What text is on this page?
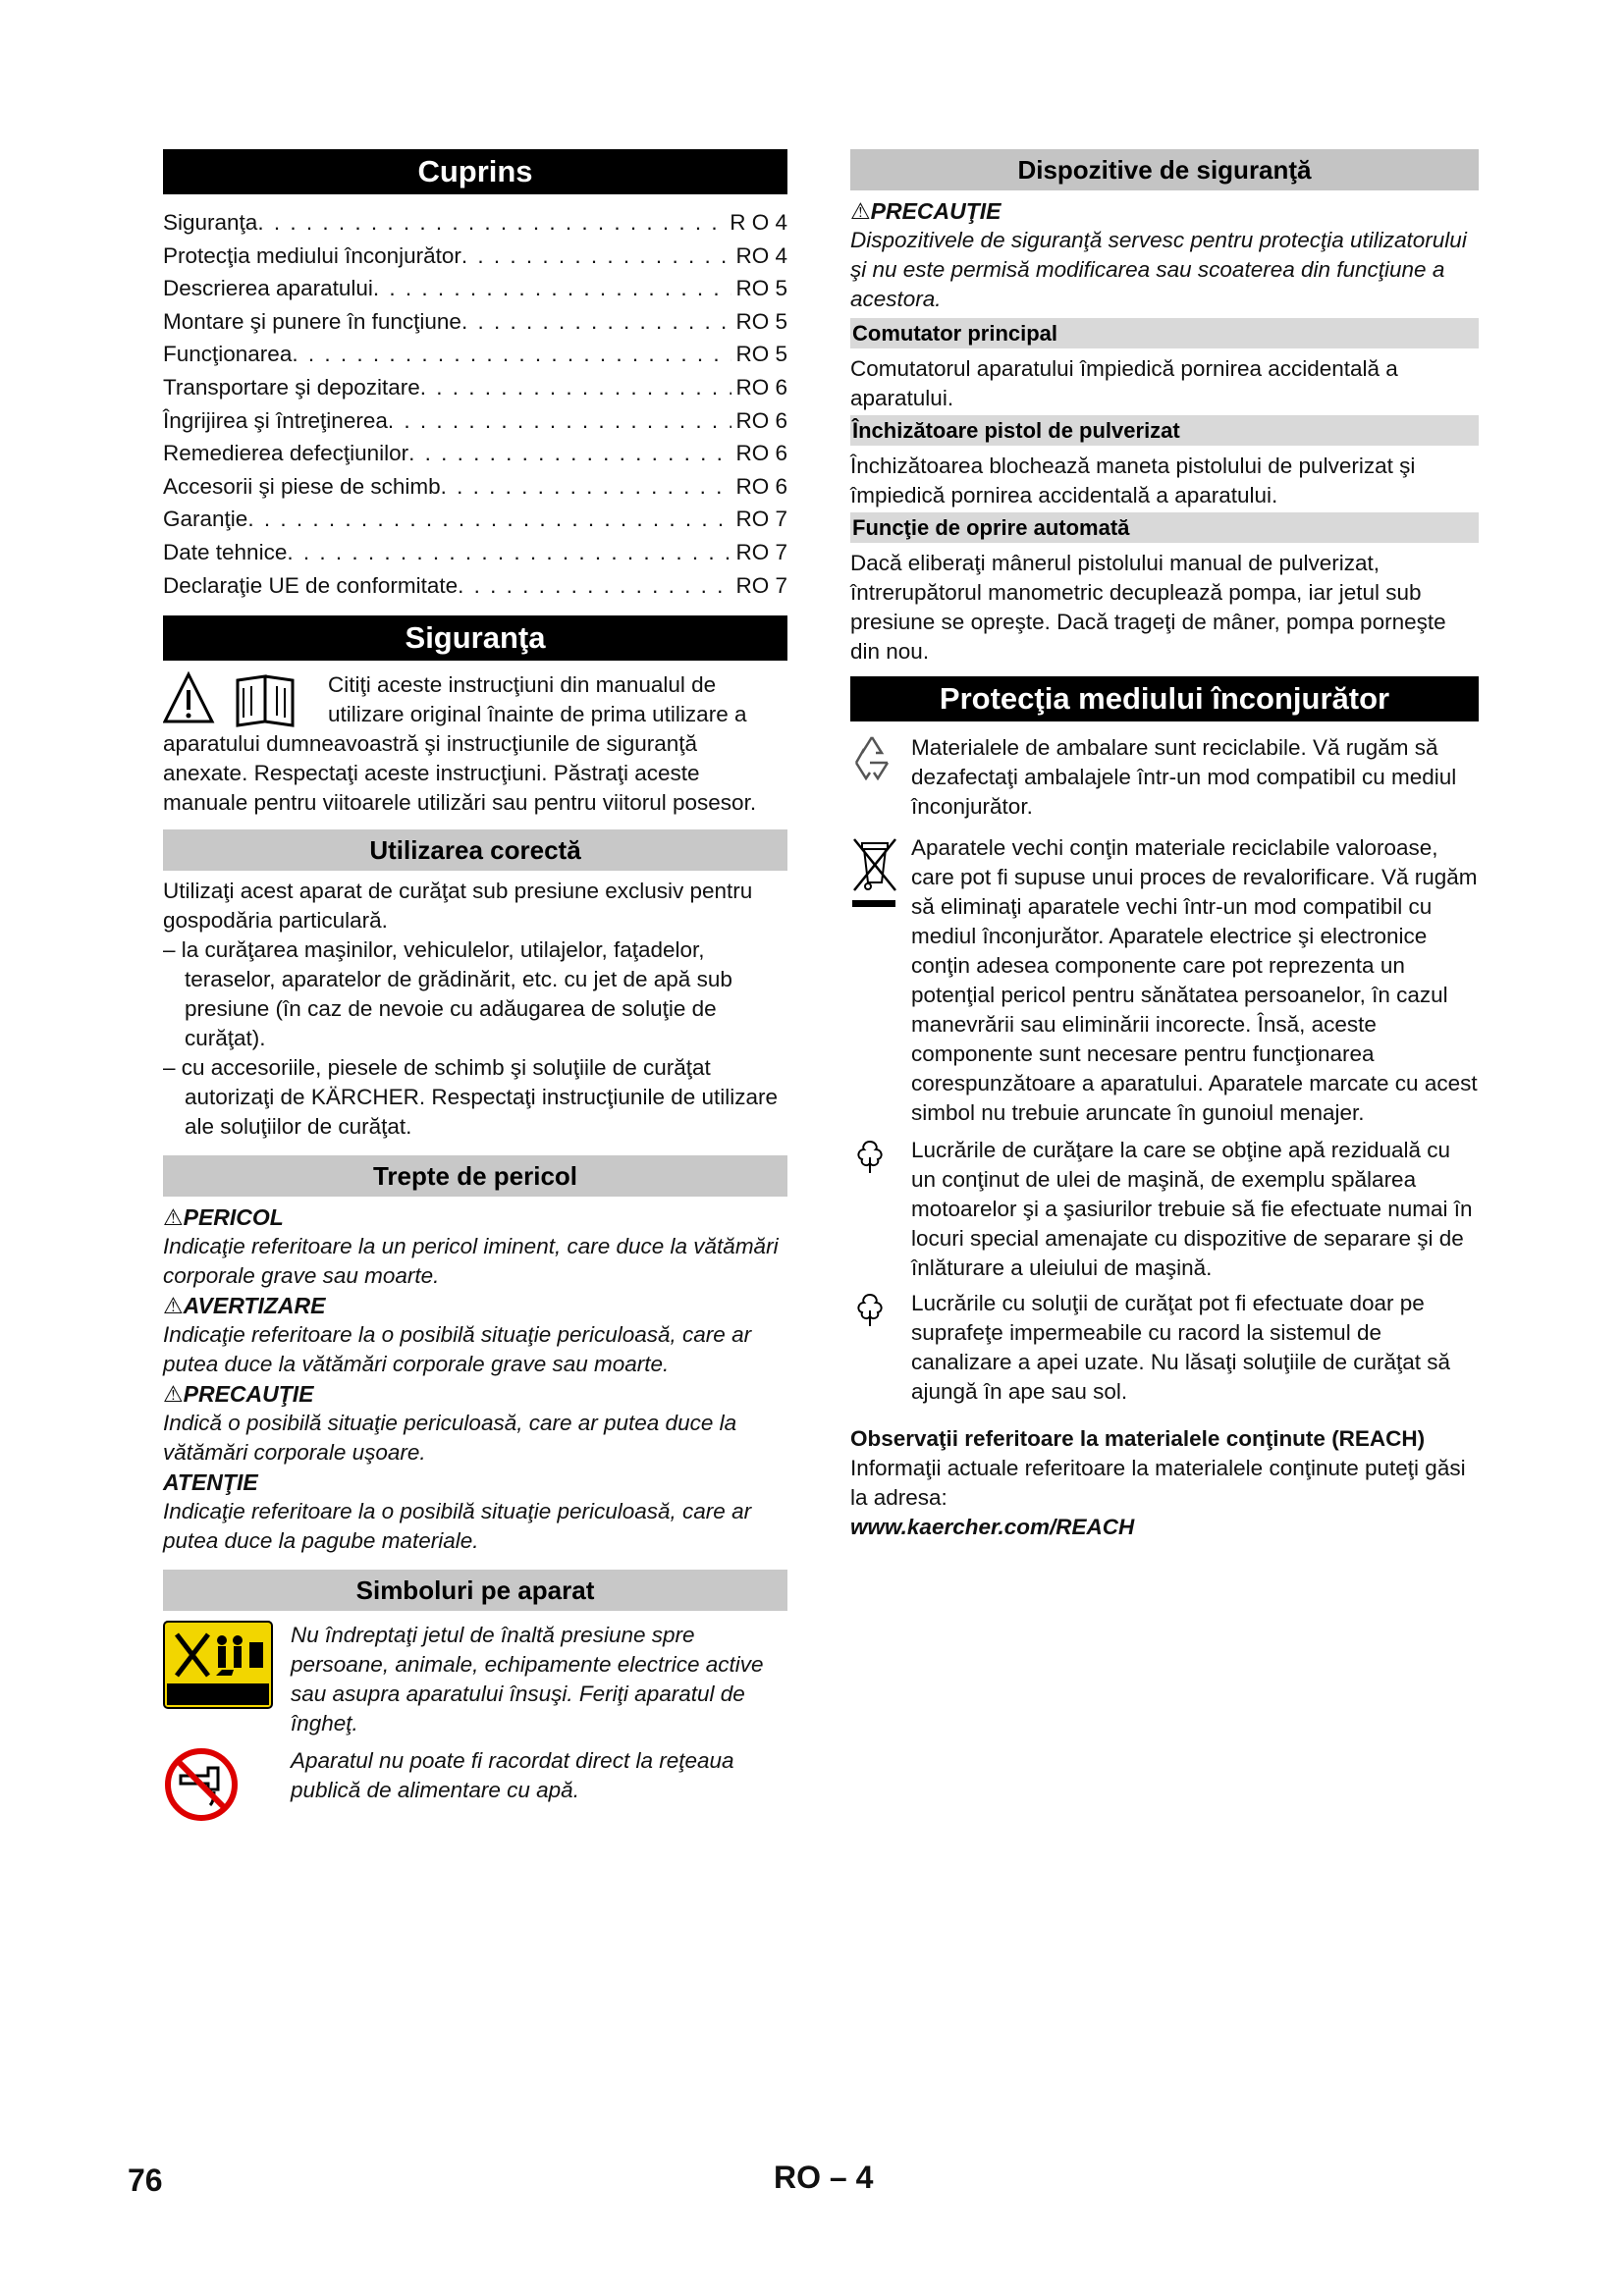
Cuprins
Siguranţa . . .	R O 4
Protecţia mediului înconjurător . . .	RO 4
Descrierea aparatului . . .	RO 5
Montare şi punere în funcţiune . . .	RO 5
Funcţionarea . . .	RO 5
Transportare şi depozitare . . .	RO 6
Îngrijirea şi întreţinerea . . .	RO 6
Remedierea defecţiunilor . . .	RO 6
Accesorii şi piese de schimb . . .	RO 6
Garanţie . . .	RO 7
Date tehnice . . .	RO 7
Declaraţie UE de conformitate . . .	RO 7
Siguranţa

Citiţi aceste instrucţiuni din manualul de utilizare original înainte de prima utilizare a aparatului dumneavoastră şi instrucţiunile de siguranţă anexate. Respectaţi aceste instrucţiuni. Păstraţi aceste manuale pentru viitoarele utilizări sau pentru viitorul posesor.

Utilizarea corectă

Utilizaţi acest aparat de curăţat sub presiune exclusiv pentru gospodăria particulară.

– la curăţarea maşinilor, vehiculelor, utilajelor, faţadelor, teraselor, aparatelor de grădinărit, etc. cu jet de apă sub presiune (în caz de nevoie cu adăugarea de soluţie de curăţat).
– cu accesoriile, piesele de schimb şi soluţiile de curăţat autorizaţi de KÄRCHER. Respectaţi instrucţiunile de utilizare ale soluţiilor de curăţat.
Trepte de pericol
⚠PERICOL

Indicaţie referitoare la un pericol iminent, care duce la vătămări corporale grave sau moarte.

⚠AVERTIZARE

Indicaţie referitoare la o posibilă situaţie periculoasă, care ar putea duce la vătămări corporale grave sau moarte.

⚠PRECAUŢIE

Indică o posibilă situaţie periculoasă, care ar putea duce la vătămări corporale uşoare.

ATENŢIE

Indicaţie referitoare la o posibilă situaţie periculoasă, care ar putea duce la pagube materiale.

Simboluri pe aparat

Nu îndreptaţi jetul de înaltă presiune spre persoane, animale, echipamente electrice active sau asupra aparatului însuşi. Feriţi aparatul de îngheţ.

Aparatul nu poate fi racordat direct la reţeaua publică de alimentare cu apă.

Dispozitive de siguranţă
⚠PRECAUŢIE

Dispozitivele de siguranţă servesc pentru protecţia utilizatorului şi nu este permisă modificarea sau scoaterea din funcţiune a acestora.

Comutator principal

Comutatorul aparatului împiedică pornirea accidentală a aparatului.

Închizătoare pistol de pulverizat

Închizătoarea blochează maneta pistolului de pulverizat şi împiedică pornirea accidentală a aparatului.

Funcţie de oprire automată

Dacă eliberaţi mânerul pistolului manual de pulverizat, întrerupătorul manometric decuplează pompa, iar jetul sub presiune se opreşte. Dacă trageţi de mâner, pompa porneşte din nou.

Protecţia mediului înconjurător

Materialele de ambalare sunt reciclabile. Vă rugăm să dezafectaţi ambalajele într-un mod compatibil cu mediul înconjurător.

Aparatele vechi conţin materiale reciclabile valoroase, care pot fi supuse unui proces de revalorificare. Vă rugăm să eliminaţi aparatele vechi într-un mod compatibil cu mediul înconjurător. Aparatele electrice şi electronice conţin adesea componente care pot reprezenta un potenţial pericol pentru sănătatea persoanelor, în cazul manevrării sau eliminării incorecte. Însă, aceste componente sunt necesare pentru funcţionarea corespunzătoare a aparatului. Aparatele marcate cu acest simbol nu trebuie aruncate în gunoiul menajer.

Lucrările de curăţare la care se obţine apă reziduală cu un conţinut de ulei de maşină, de exemplu spălarea motoarelor şi a şasiurilor trebuie să fie efectuate numai în locuri special amenajate cu dispozitive de separare şi de înlăturare a uleiului de maşină.

Lucrările cu soluţii de curăţat pot fi efectuate doar pe suprafeţe impermeabile cu racord la sistemul de canalizare a apei uzate. Nu lăsaţi soluţiile de curăţat să ajungă în ape sau sol.

Observaţii referitoare la materialele conţinute (REACH)

Informaţii actuale referitoare la materialele conţinute puteţi găsi la adresa:

www.kaercher.com/REACH

76	RO – 4
